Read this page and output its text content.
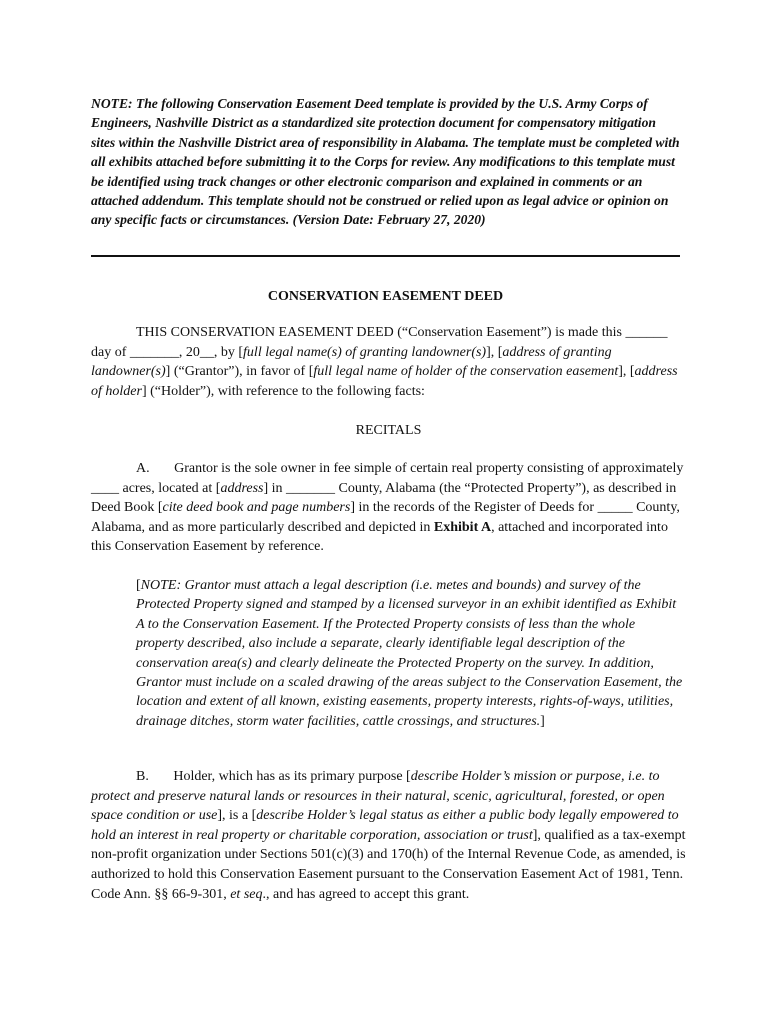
NOTE: The following Conservation Easement Deed template is provided by the U.S. Army Corps of Engineers, Nashville District as a standardized site protection document for compensatory mitigation sites within the Nashville District area of responsibility in Alabama. The template must be completed with all exhibits attached before submitting it to the Corps for review. Any modifications to this template must be identified using track changes or other electronic comparison and explained in comments or an attached addendum. This template should not be construed or relied upon as legal advice or opinion on any specific facts or circumstances. (Version Date: February 27, 2020)
CONSERVATION EASEMENT DEED
THIS CONSERVATION EASEMENT DEED (“Conservation Easement”) is made this ______ day of _______, 20__, by [full legal name(s) of granting landowner(s)], [address of granting landowner(s)] (“Grantor”), in favor of [full legal name of holder of the conservation easement], [address of holder] (“Holder”), with reference to the following facts:
RECITALS
A.       Grantor is the sole owner in fee simple of certain real property consisting of approximately ____ acres, located at [address] in _______ County, Alabama (the “Protected Property”), as described in Deed Book [cite deed book and page numbers] in the records of the Register of Deeds for _____ County, Alabama, and as more particularly described and depicted in Exhibit A, attached and incorporated into this Conservation Easement by reference.
[NOTE: Grantor must attach a legal description (i.e. metes and bounds) and survey of the Protected Property signed and stamped by a licensed surveyor in an exhibit identified as Exhibit A to the Conservation Easement. If the Protected Property consists of less than the whole property described, also include a separate, clearly identifiable legal description of the conservation area(s) and clearly delineate the Protected Property on the survey. In addition, Grantor must include on a scaled drawing of the areas subject to the Conservation Easement, the location and extent of all known, existing easements, property interests, rights-of-ways, utilities, drainage ditches, storm water facilities, cattle crossings, and structures.]
B.       Holder, which has as its primary purpose [describe Holder’s mission or purpose, i.e. to protect and preserve natural lands or resources in their natural, scenic, agricultural, forested, or open space condition or use], is a [describe Holder’s legal status as either a public body legally empowered to hold an interest in real property or charitable corporation, association or trust], qualified as a tax-exempt non-profit organization under Sections 501(c)(3) and 170(h) of the Internal Revenue Code, as amended, is authorized to hold this Conservation Easement pursuant to the Conservation Easement Act of 1981, Tenn. Code Ann. §§ 66-9-301, et seq., and has agreed to accept this grant.
